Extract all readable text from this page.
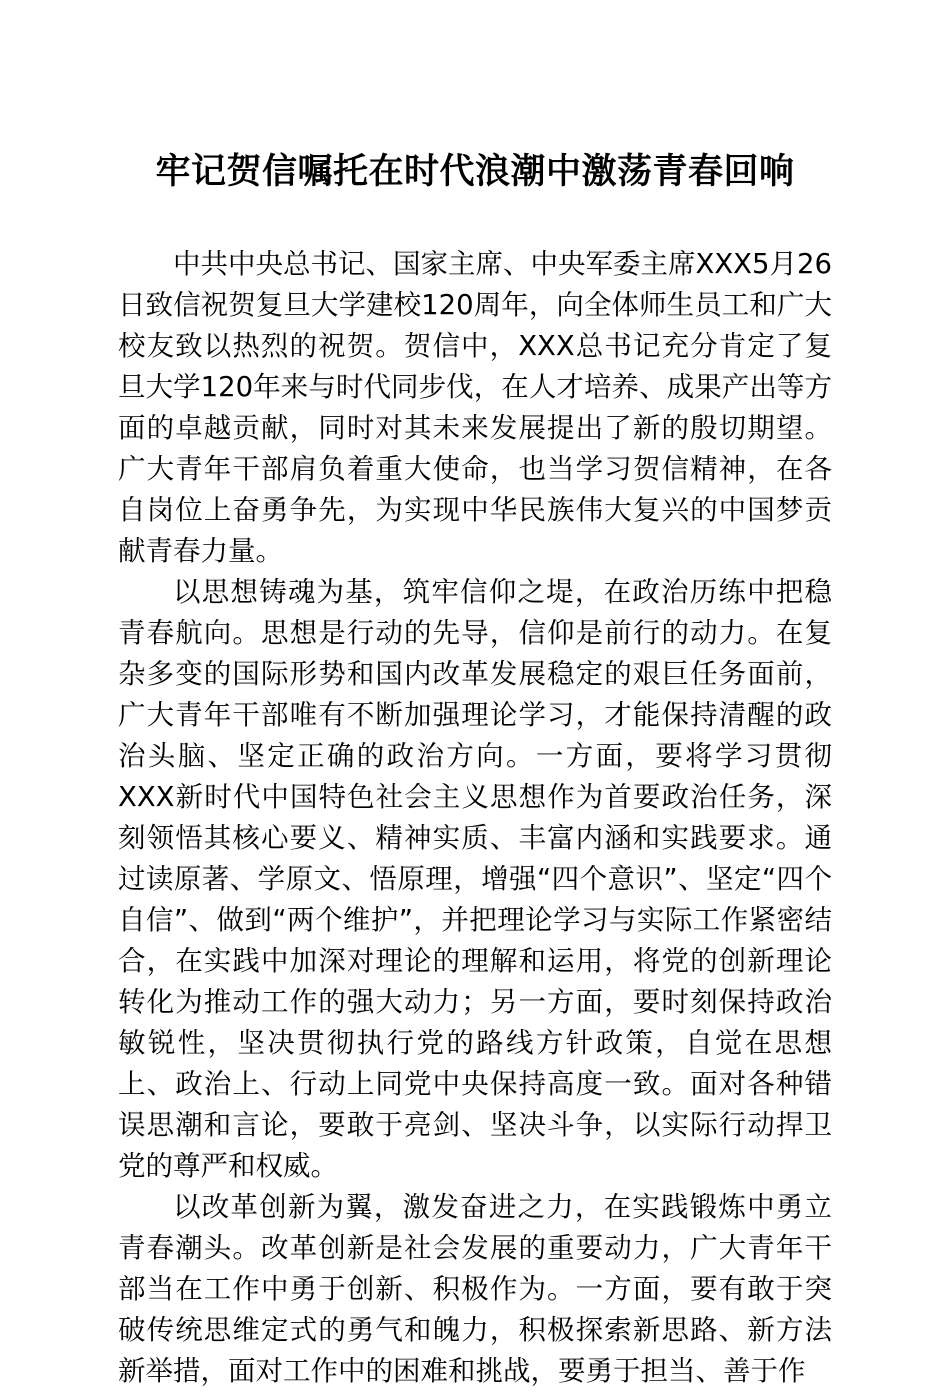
牢记贺信嘱托在时代浪潮中激荡青春回响

中共中央总书记、国家主席、中央军委主席XXX5月26日致信祝贺复旦大学建校120周年，向全体师生员工和广大校友致以热烈的祝贺。贺信中，XXX总书记充分肯定了复旦大学120年来与时代同步伐，在人才培养、成果产出等方面的卓越贡献，同时对其未来发展提出了新的殷切期望。广大青年干部肩负着重大使命，也当学习贺信精神，在各自岗位上奋勇争先，为实现中华民族伟大复兴的中国梦贡献青春力量。

以思想铸魂为基，筑牢信仰之堤，在政治历练中把稳青春航向。思想是行动的先导，信仰是前行的动力。在复杂多变的国际形势和国内改革发展稳定的艰巨任务面前，广大青年干部唯有不断加强理论学习，才能保持清醒的政治头脑、坚定正确的政治方向。一方面，要将学习贯彻XXX新时代中国特色社会主义思想作为首要政治任务，深刻领悟其核心要义、精神实质、丰富内涵和实践要求。通过读原著、学原文、悟原理，增强“四个意识”、坚定“四个自信”、做到“两个维护”，并把理论学习与实际工作紧密结合，在实践中加深对理论的理解和运用，将党的创新理论转化为推动工作的强大动力；另一方面，要时刻保持政治敏锐性，坚决贯彻执行党的路线方针政策，自觉在思想上、政治上、行动上同党中央保持高度一致。面对各种错误思潮和言论，要敢于亮剑、坚决斗争，以实际行动捍卫党的尊严和权威。

以改革创新为翼，激发奋进之力，在实践锻炼中勇立青春潮头。改革创新是社会发展的重要动力，广大青年干部当在工作中勇于创新、积极作为。一方面，要有敢于突破传统思维定式的勇气和魄力，积极探索新思路、新方法新举措，面对工作中的困难和挑战，要勇于担当、善于作
